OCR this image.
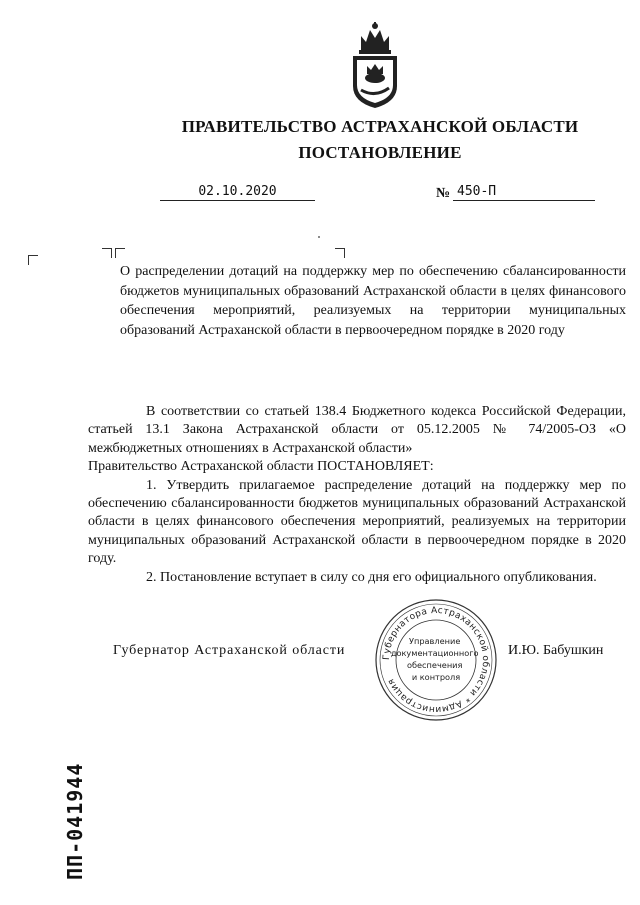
ПРАВИТЕЛЬСТВО АСТРАХАНСКОЙ ОБЛАСТИ
ПОСТАНОВЛЕНИЕ
02.10.2020	№ 450-П
О распределении дотаций на поддержку мер по обеспечению сбалансированности бюджетов муниципальных образований Астраханской области в целях финансового обеспечения мероприятий, реализуемых на территории муниципальных образований Астраханской области в первоочередном порядке в 2020 году

В соответствии со статьей 138.4 Бюджетного кодекса Российской Федерации, статьей 13.1 Закона Астраханской области от 05.12.2005 № 74/2005-ОЗ «О межбюджетных отношениях в Астраханской области»

Правительство Астраханской области ПОСТАНОВЛЯЕТ:

1. Утвердить прилагаемое распределение дотаций на поддержку мер по обеспечению сбалансированности бюджетов муниципальных образований Астраханской области в целях финансового обеспечения мероприятий, реализуемых на территории муниципальных образований Астраханской области в первоочередном порядке в 2020 году.

2. Постановление вступает в силу со дня его официального опубликования.

Губернатор Астраханской области	И.Ю. Бабушкин
Губернатора Астраханской области * Администрация
Управление документационного обеспечения и контроля
ПП-041944
